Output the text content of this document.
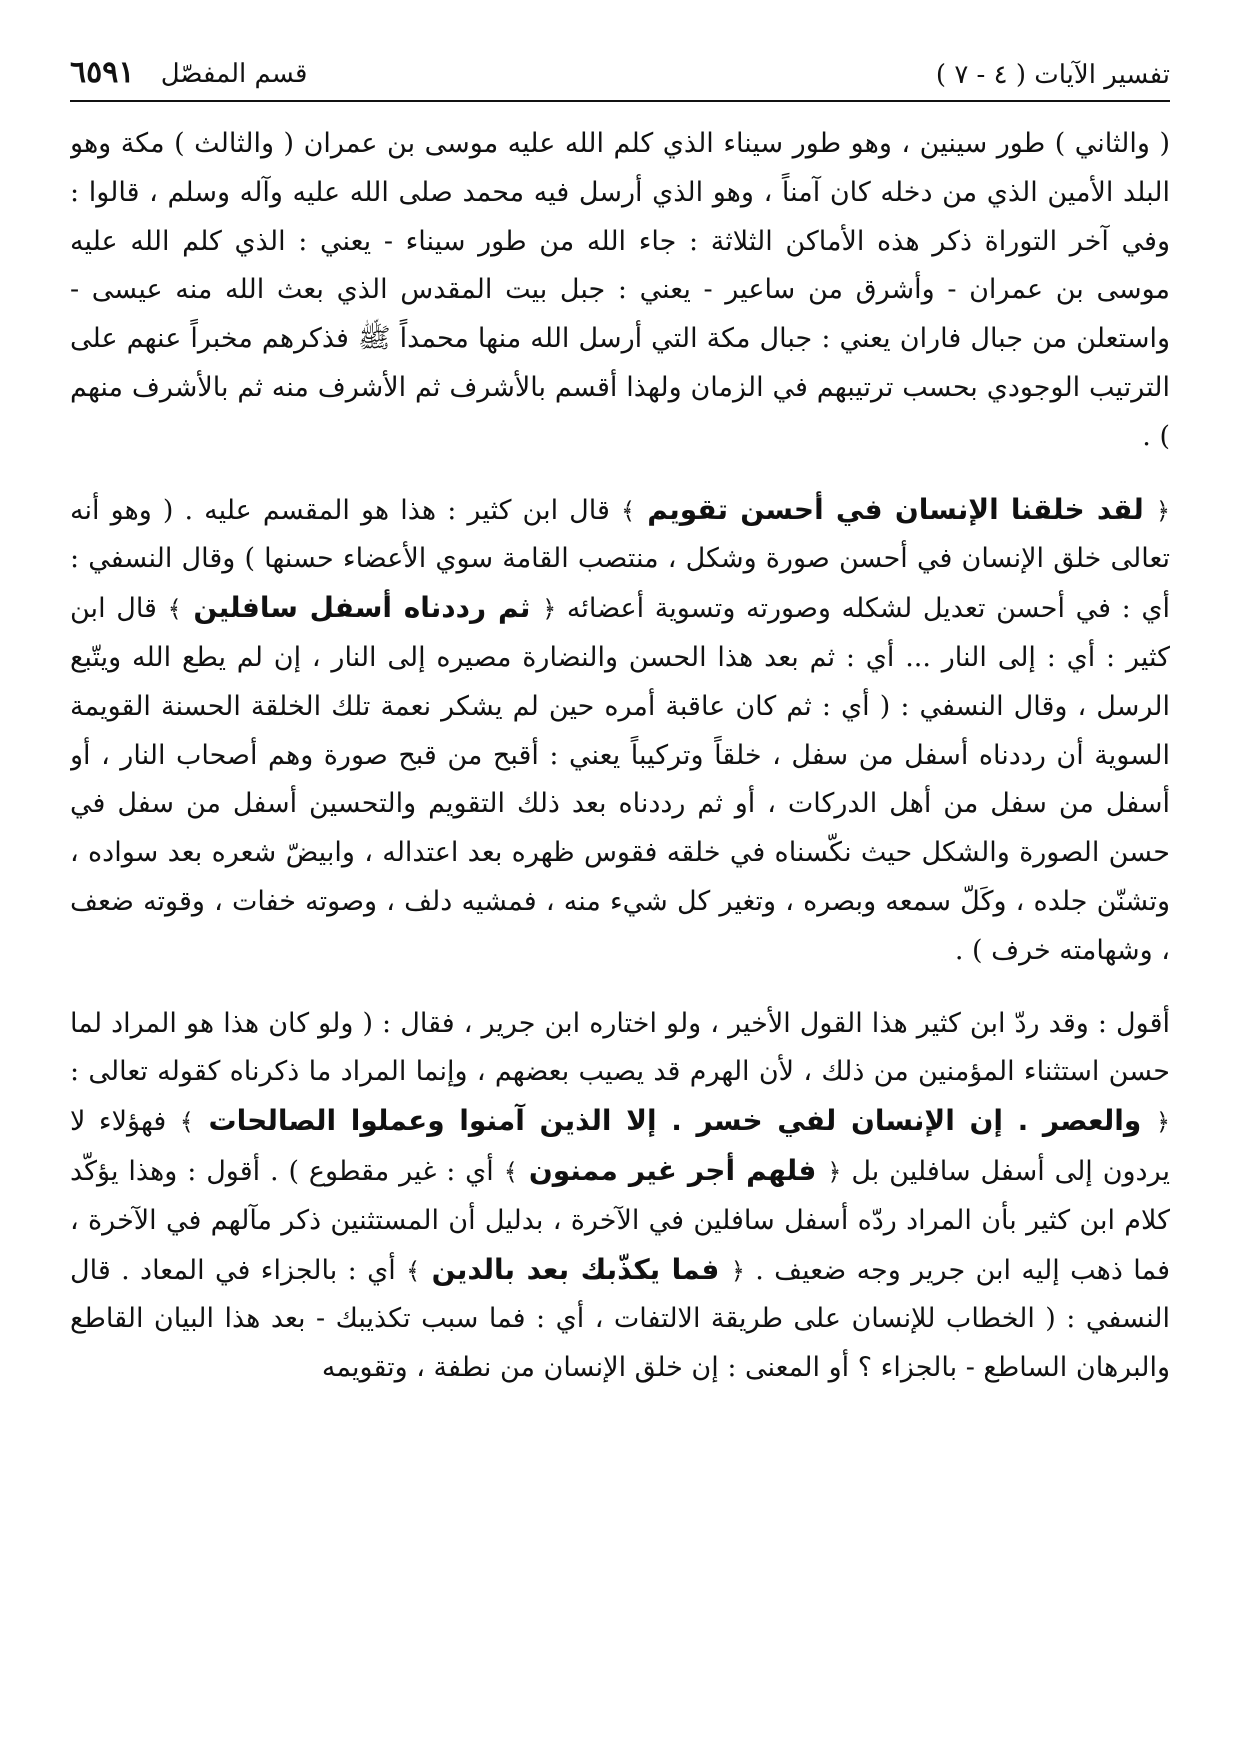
تفسير الآيات ( ٤ - ٧ )
قسم المفصّل ٦٥٩١

( والثاني ) طور سينين ، وهو طور سيناء الذي كلم الله عليه موسى بن عمران ( والثالث ) مكة وهو البلد الأمين الذي من دخله كان آمناً ، وهو الذي أرسل فيه محمد صلى الله عليه وآله وسلم ، قالوا : وفي آخر التوراة ذكر هذه الأماكن الثلاثة : جاء الله من طور سيناء - يعني : الذي كلم الله عليه موسى بن عمران - وأشرق من ساعير - يعني : جبل بيت المقدس الذي بعث الله منه عيسى - واستعلن من جبال فاران يعني : جبال مكة التي أرسل الله منها محمداً ﷺ فذكرهم مخبراً عنهم على الترتيب الوجودي بحسب ترتيبهم في الزمان ولهذا أقسم بالأشرف ثم الأشرف منه ثم بالأشرف منهم ) .

﴿ لقد خلقنا الإنسان في أحسن تقويم ﴾ قال ابن كثير : هذا هو المقسم عليه . ( وهو أنه تعالى خلق الإنسان في أحسن صورة وشكل ، منتصب القامة سوي الأعضاء حسنها ) وقال النسفي : أي : في أحسن تعديل لشكله وصورته وتسوية أعضائه ﴿ ثم رددناه أسفل سافلين ﴾ قال ابن كثير : أي : إلى النار ... أي : ثم بعد هذا الحسن والنضارة مصيره إلى النار ، إن لم يطع الله ويتّبع الرسل ، وقال النسفي : ( أي : ثم كان عاقبة أمره حين لم يشكر نعمة تلك الخلقة الحسنة القويمة السوية أن رددناه أسفل من سفل ، خلقاً وتركيباً يعني : أقبح من قبح صورة وهم أصحاب النار ، أو أسفل من سفل من أهل الدركات ، أو ثم رددناه بعد ذلك التقويم والتحسين أسفل من سفل في حسن الصورة والشكل حيث نكّسناه في خلقه فقوس ظهره بعد اعتداله ، وابيضّ شعره بعد سواده ، وتشنّن جلده ، وكَلّ سمعه وبصره ، وتغير كل شيء منه ، فمشيه دلف ، وصوته خفات ، وقوته ضعف ، وشهامته خرف ) .

أقول : وقد ردّ ابن كثير هذا القول الأخير ، ولو اختاره ابن جرير ، فقال : ( ولو كان هذا هو المراد لما حسن استثناء المؤمنين من ذلك ، لأن الهرم قد يصيب بعضهم ، وإنما المراد ما ذكرناه كقوله تعالى : ﴿ والعصر . إن الإنسان لفي خسر . إلا الذين آمنوا وعملوا الصالحات ﴾ فهؤلاء لا يردون إلى أسفل سافلين بل ﴿ فلهم أجر غير ممنون ﴾ أي : غير مقطوع ) . أقول : وهذا يؤكّد كلام ابن كثير بأن المراد ردّه أسفل سافلين في الآخرة ، بدليل أن المستثنين ذكر مآلهم في الآخرة ، فما ذهب إليه ابن جرير وجه ضعيف . ﴿ فما يكذّبك بعد بالدين ﴾ أي : بالجزاء في المعاد . قال النسفي : ( الخطاب للإنسان على طريقة الالتفات ، أي : فما سبب تكذيبك - بعد هذا البيان القاطع والبرهان الساطع - بالجزاء ؟ أو المعنى : إن خلق الإنسان من نطفة ، وتقويمه
